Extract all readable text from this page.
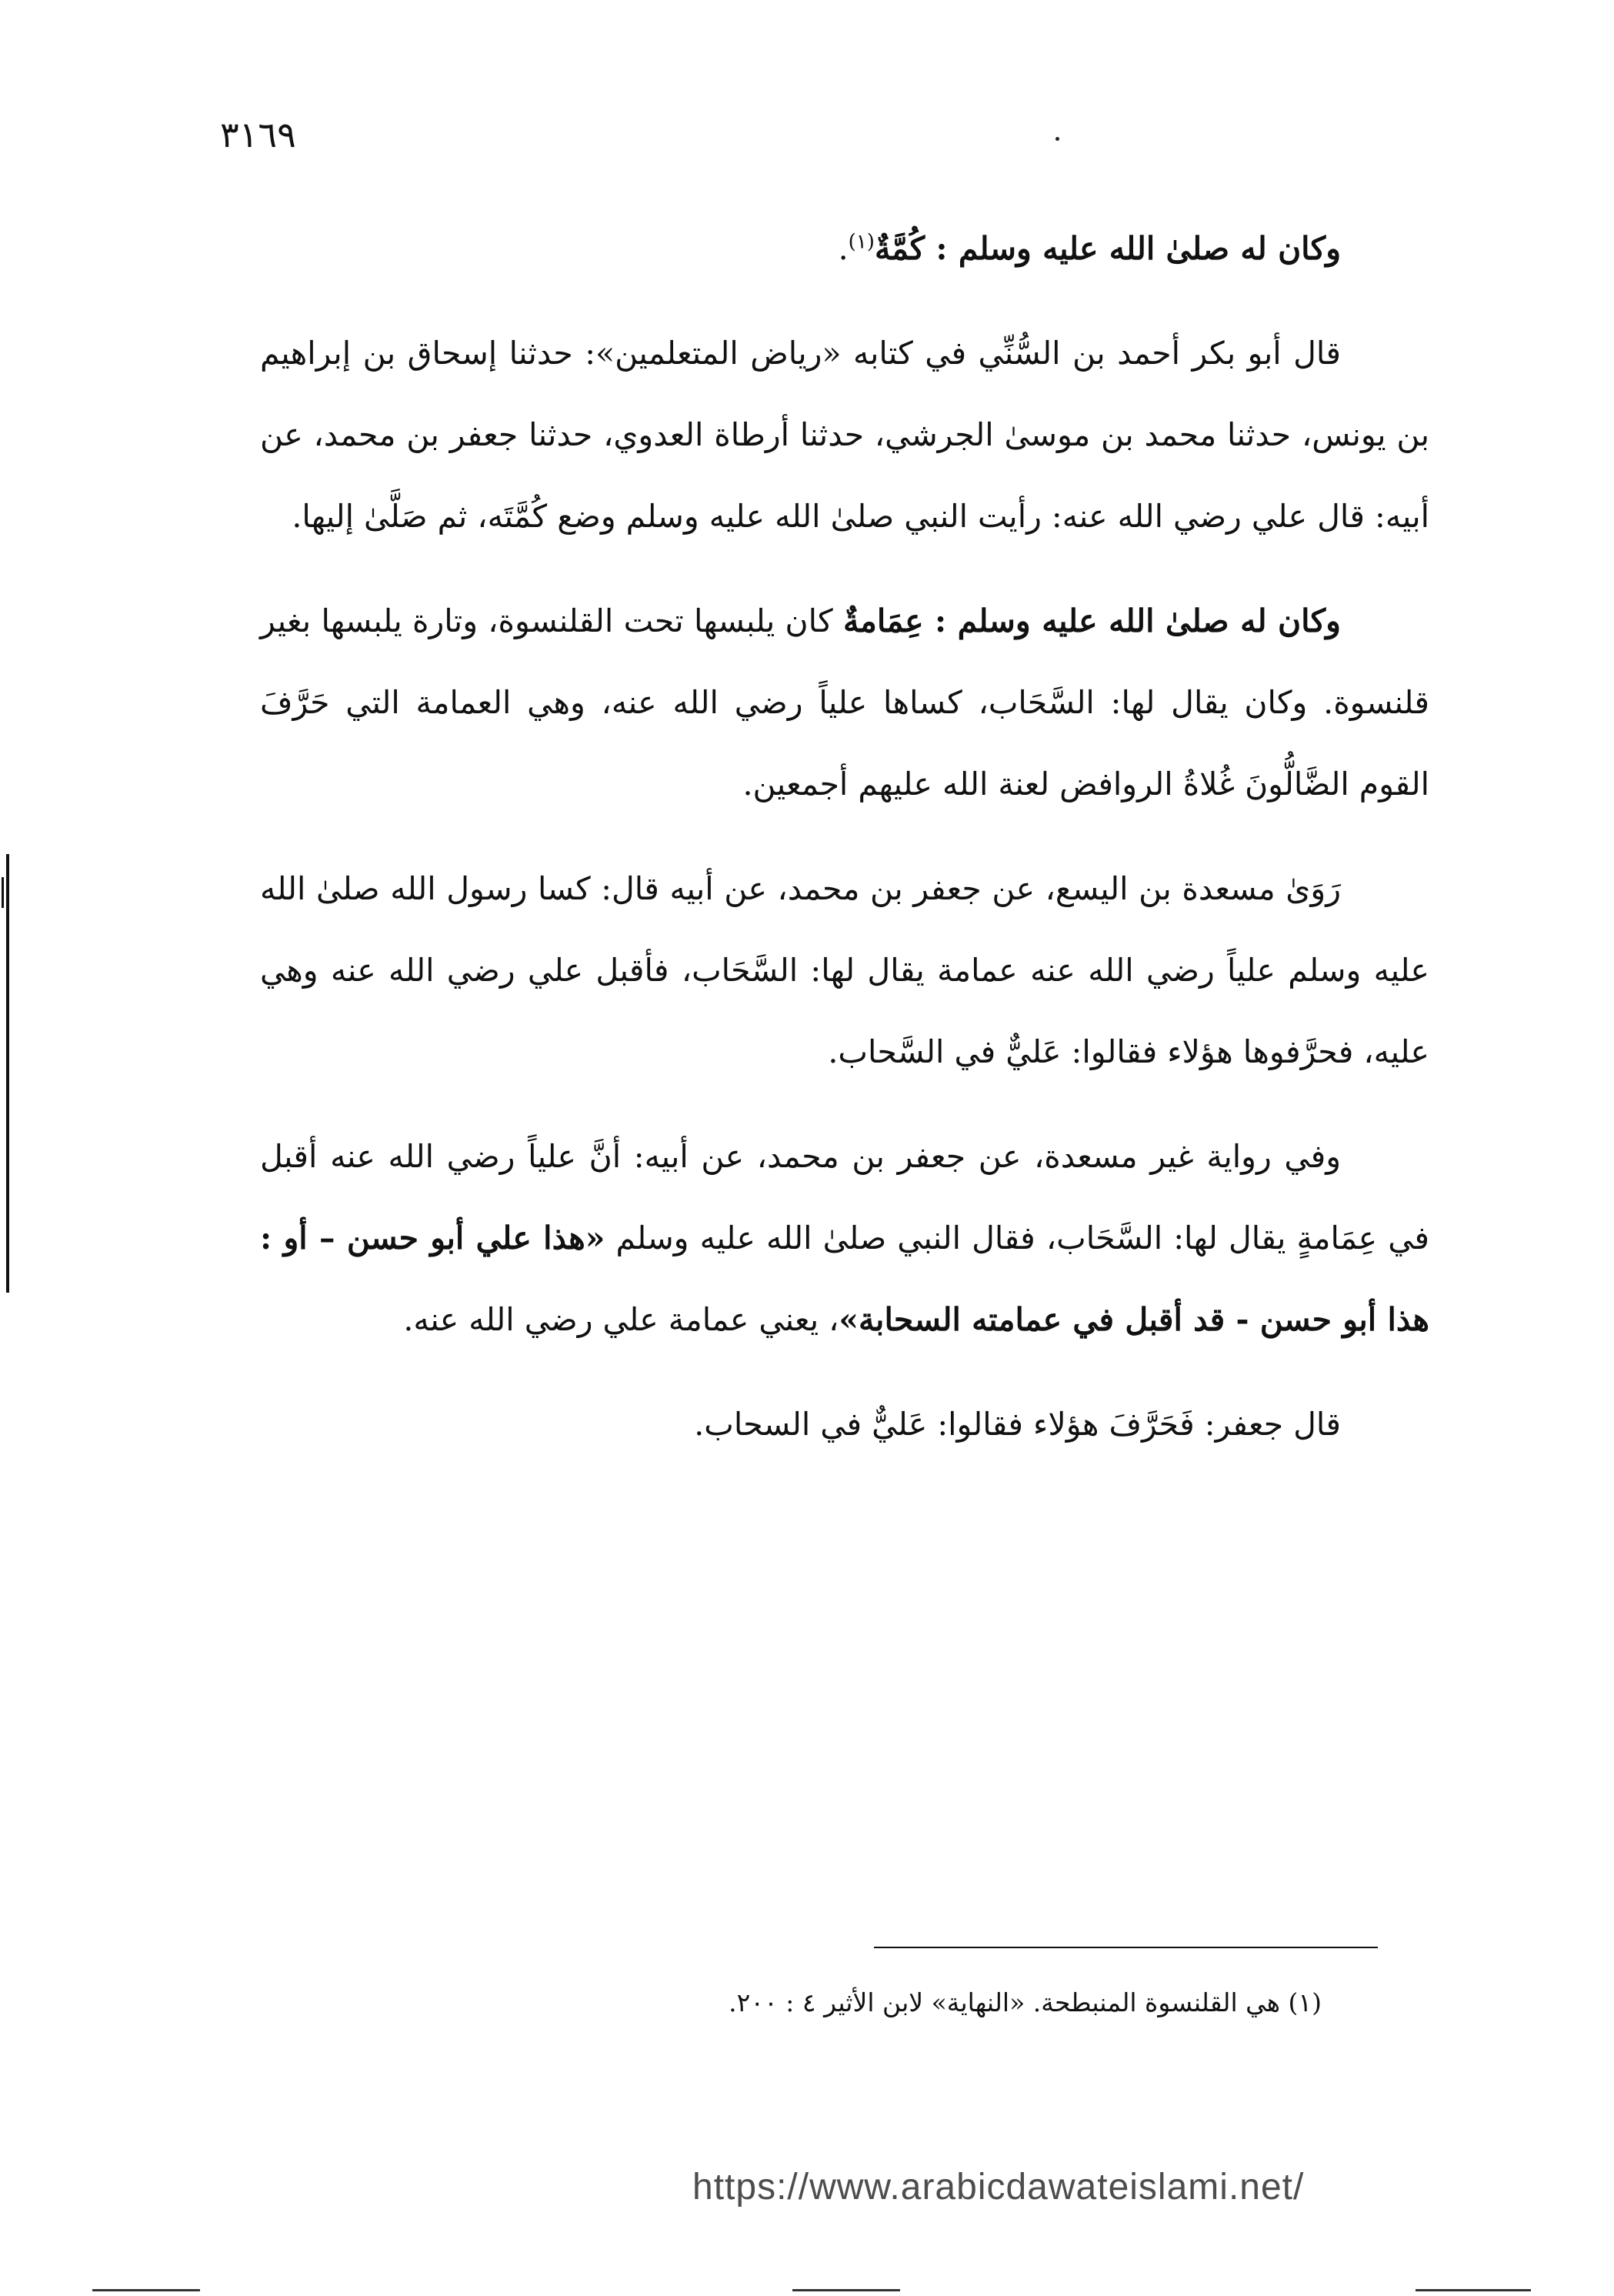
٣١٦٩

وكان له صلىٰ الله عليه وسلم : كُمَّةٌ$^{(١)}$.

قال أبو بكر أحمد بن السُّنِّي في كتابه «رياض المتعلمين»: حدثنا إسحاق بن إبراهيم بن يونس، حدثنا محمد بن موسىٰ الجرشي، حدثنا أرطاة العدوي، حدثنا جعفر بن محمد، عن أبيه: قال علي رضي الله عنه: رأيت النبي صلىٰ الله عليه وسلم وضع كُمَّتَه، ثم صَلَّىٰ إليها.

وكان له صلىٰ الله عليه وسلم : عِمَامةٌ كان يلبسها تحت القلنسوة، وتارة يلبسها بغير قلنسوة. وكان يقال لها: السَّحَاب، كساها علياً رضي الله عنه، وهي العمامة التي حَرَّفَ القوم الضَّالُّونَ غُلاةُ الروافض لعنة الله عليهم أجمعين.

رَوَىٰ مسعدة بن اليسع، عن جعفر بن محمد، عن أبيه قال: كسا رسول الله صلىٰ الله عليه وسلم علياً رضي الله عنه عمامة يقال لها: السَّحَاب، فأقبل علي رضي الله عنه وهي عليه، فحرَّفوها هؤلاء فقالوا: عَليٌّ في السَّحاب.

وفي رواية غير مسعدة، عن جعفر بن محمد، عن أبيه: أنَّ علياً رضي الله عنه أقبل في عِمَامةٍ يقال لها: السَّحَاب، فقال النبي صلىٰ الله عليه وسلم «هذا علي أبو حسن – أو : هذا أبو حسن - قد أقبل في عمامته السحابة»، يعني عمامة علي رضي الله عنه.

قال جعفر: فَحَرَّفَ هؤلاء فقالوا: عَليٌّ في السحاب.

(١) هي القلنسوة المنبطحة. «النهاية» لابن الأثير ٤ : ٢٠٠.
https://www.arabicdawateislami.net/
